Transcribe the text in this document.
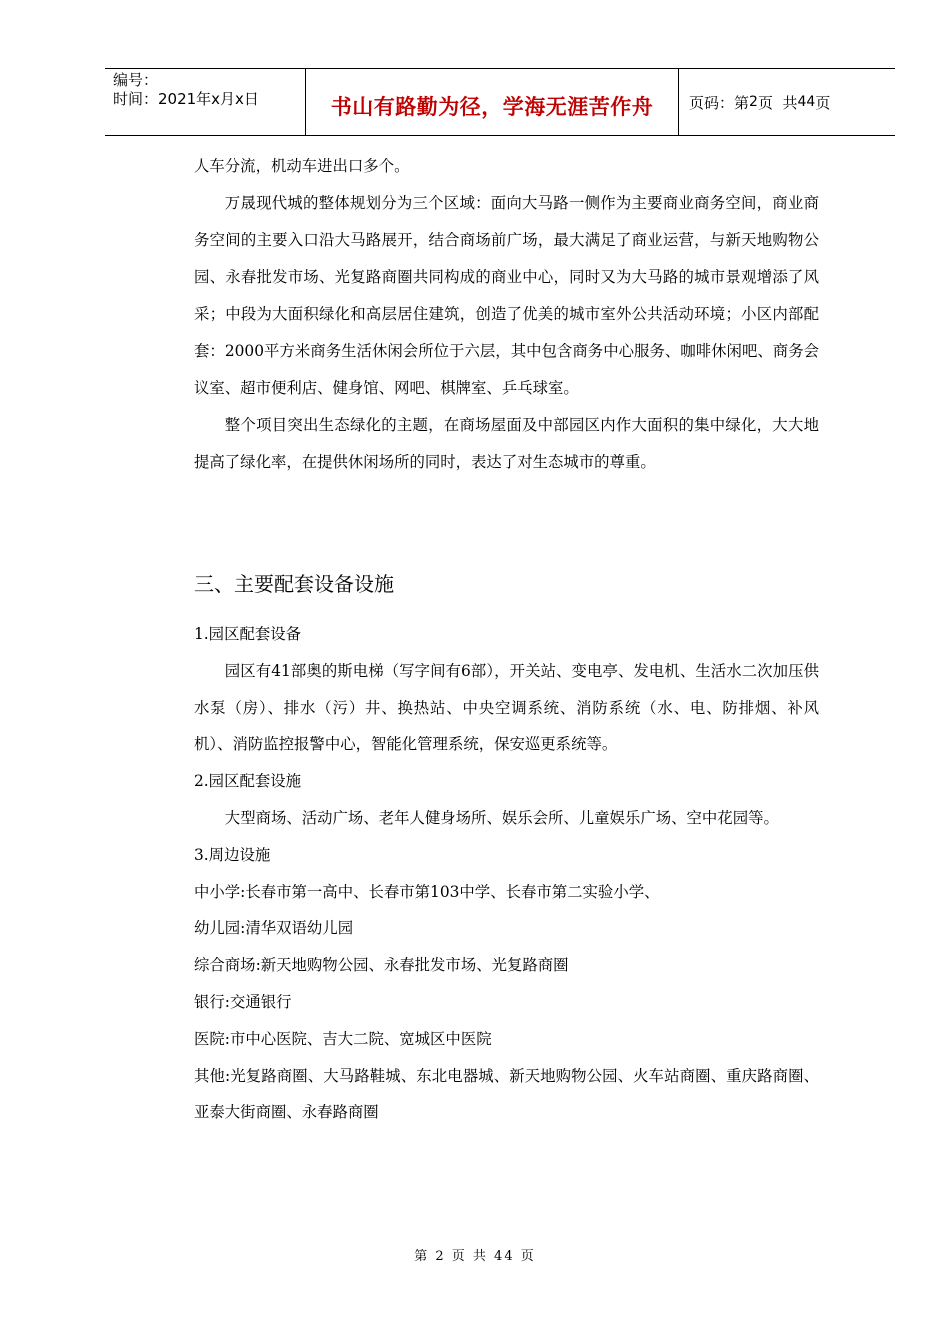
编号：
时间：2021年x月x日	书山有路勤为径，学海无涯苦作舟 页码：第 2 页  共 44 页

人车分流，机动车进出口多个。

万晟现代城的整体规划分为三个区域：面向大马路一侧作为主要商业商务空间，商业商务空间的主要入口沿大马路展开，结合商场前广场，最大满足了商业运营，与新天地购物公园、永春批发市场、光复路商圈共同构成的商业中心，同时又为大马路的城市景观增添了风采；中段为大面积绿化和高层居住建筑，创造了优美的城市室外公共活动环境；小区内部配套：2000平方米商务生活休闲会所位于六层，其中包含商务中心服务、咖啡休闲吧、商务会议室、超市便利店、健身馆、网吧、棋牌室、乒乓球室。

整个项目突出生态绿化的主题，在商场屋面及中部园区内作大面积的集中绿化，大大地提高了绿化率，在提供休闲场所的同时，表达了对生态城市的尊重。

三、主要配套设备设施

1.园区配套设备

园区有41部奥的斯电梯（写字间有6部），开关站、变电亭、发电机、生活水二次加压供水泵（房）、排水（污）井、换热站、中央空调系统、消防系统（水、电、防排烟、补风机）、消防监控报警中心，智能化管理系统，保安巡更系统等。

2.园区配套设施

大型商场、活动广场、老年人健身场所、娱乐会所、儿童娱乐广场、空中花园等。

3.周边设施

中小学:长春市第一高中、长春市第103中学、长春市第二实验小学、

幼儿园:清华双语幼儿园

综合商场:新天地购物公园、永春批发市场、光复路商圈

银行:交通银行

医院:市中心医院、吉大二院、宽城区中医院

其他:光复路商圈、大马路鞋城、东北电器城、新天地购物公园、火车站商圈、重庆路商圈、亚泰大街商圈、永春路商圈

第 2 页 共 44 页
